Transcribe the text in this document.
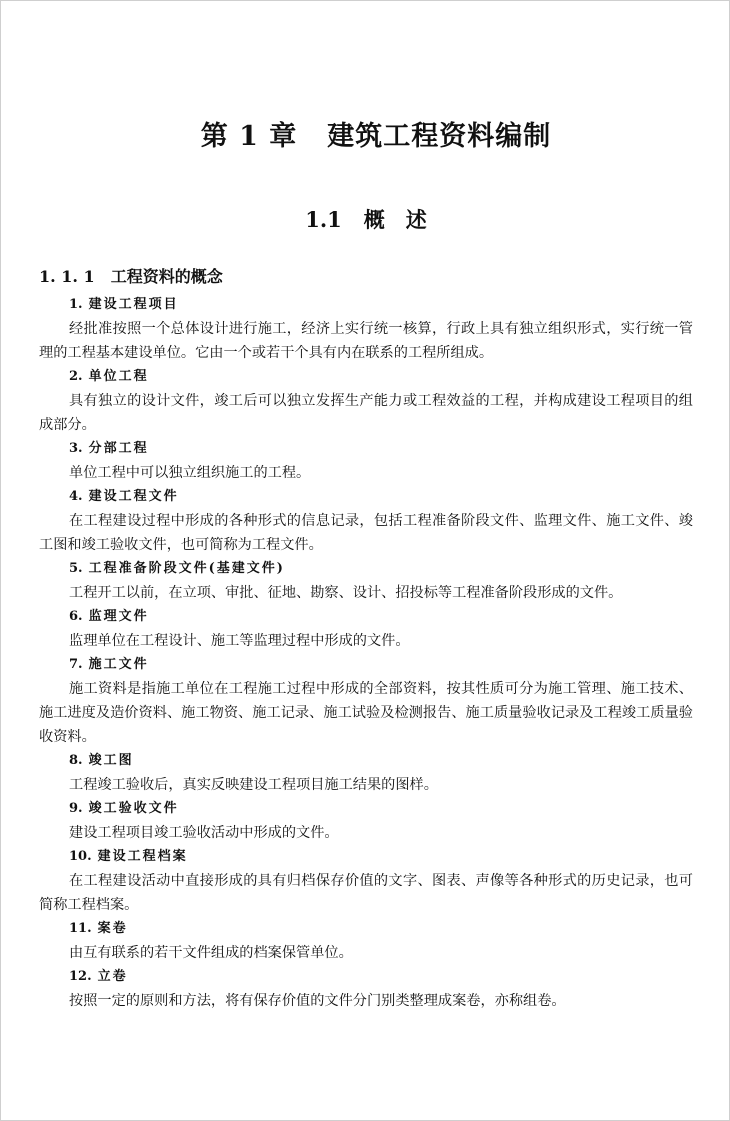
第 1 章 建筑工程资料编制
1.1 概　述
1. 1. 1 工程资料的概念
1. 建设工程项目

经批准按照一个总体设计进行施工，经济上实行统一核算，行政上具有独立组织形式，实行统一管理的工程基本建设单位。它由一个或若干个具有内在联系的工程所组成。

2. 单位工程

具有独立的设计文件，竣工后可以独立发挥生产能力或工程效益的工程，并构成建设工程项目的组成部分。

3. 分部工程

单位工程中可以独立组织施工的工程。

4. 建设工程文件

在工程建设过程中形成的各种形式的信息记录，包括工程准备阶段文件、监理文件、施工文件、竣工图和竣工验收文件，也可简称为工程文件。

5. 工程准备阶段文件(基建文件)

工程开工以前，在立项、审批、征地、勘察、设计、招投标等工程准备阶段形成的文件。

6. 监理文件

监理单位在工程设计、施工等监理过程中形成的文件。

7. 施工文件

施工资料是指施工单位在工程施工过程中形成的全部资料，按其性质可分为施工管理、施工技术、施工进度及造价资料、施工物资、施工记录、施工试验及检测报告、施工质量验收记录及工程竣工质量验收资料。

8. 竣工图

工程竣工验收后，真实反映建设工程项目施工结果的图样。

9. 竣工验收文件

建设工程项目竣工验收活动中形成的文件。

10. 建设工程档案

在工程建设活动中直接形成的具有归档保存价值的文字、图表、声像等各种形式的历史记录，也可简称工程档案。

11. 案卷

由互有联系的若干文件组成的档案保管单位。

12. 立卷

按照一定的原则和方法，将有保存价值的文件分门别类整理成案卷，亦称组卷。
